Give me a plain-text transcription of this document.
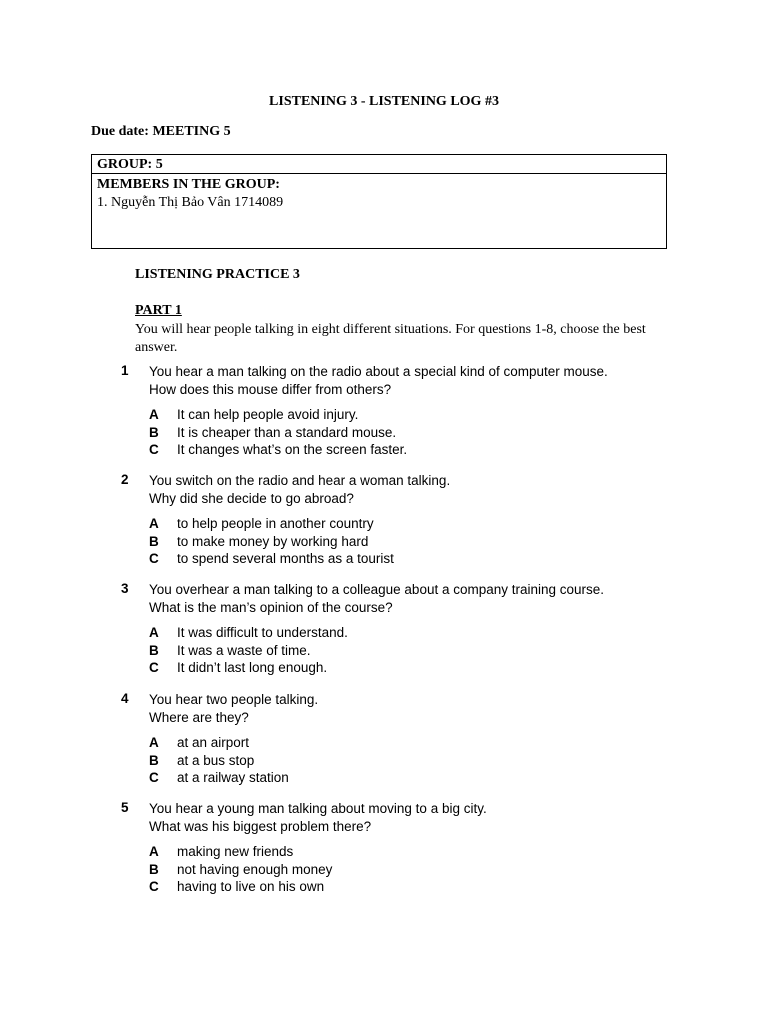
LISTENING 3 - LISTENING LOG #3
Due date: MEETING 5
GROUP: 5
MEMBERS IN THE GROUP:
1. Nguyễn Thị Bảo Vân 1714089
LISTENING PRACTICE 3
PART 1
You will hear people talking in eight different situations. For questions 1-8, choose the best answer.
1	You hear a man talking on the radio about a special kind of computer mouse.
How does this mouse differ from others?
A It can help people avoid injury.
B It is cheaper than a standard mouse.
C It changes what’s on the screen faster.
2	You switch on the radio and hear a woman talking.
Why did she decide to go abroad?
A to help people in another country
B to make money by working hard
C to spend several months as a tourist
3	You overhear a man talking to a colleague about a company training course.
What is the man’s opinion of the course?
A It was difficult to understand.
B It was a waste of time.
C It didn’t last long enough.
4	You hear two people talking.
Where are they?
A at an airport
B at a bus stop
C at a railway station
5	You hear a young man talking about moving to a big city.
What was his biggest problem there?
A making new friends
B not having enough money
C having to live on his own
